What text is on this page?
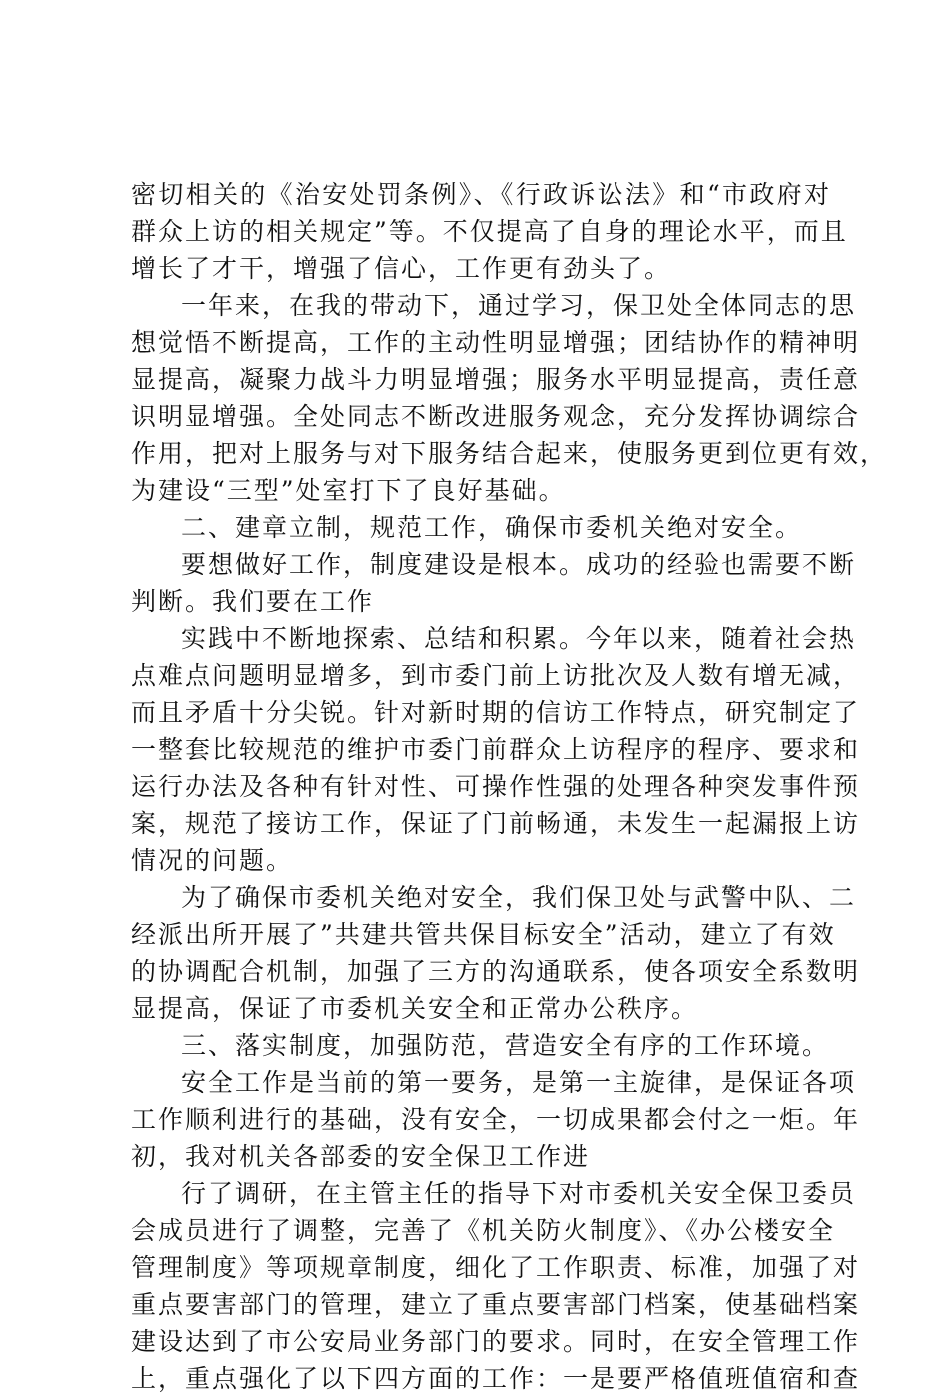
密切相关的《治安处罚条例》、《行政诉讼法》和“市政府对
群众上访的相关规定”等。不仅提高了自身的理论水平，而且
增长了才干，增强了信心，工作更有劲头了。
一年来，在我的带动下，通过学习，保卫处全体同志的思
想觉悟不断提高，工作的主动性明显增强；团结协作的精神明
显提高，凝聚力战斗力明显增强；服务水平明显提高，责任意
识明显增强。全处同志不断改进服务观念，充分发挥协调综合
作用，把对上服务与对下服务结合起来，使服务更到位更有效，
为建设“三型”处室打下了良好基础。
二、建章立制，规范工作，确保市委机关绝对安全。
要想做好工作，制度建设是根本。成功的经验也需要不断
判断。我们要在工作
实践中不断地探索、总结和积累。今年以来，随着社会热
点难点问题明显增多，到市委门前上访批次及人数有增无减，
而且矛盾十分尖锐。针对新时期的信访工作特点，研究制定了
一整套比较规范的维护市委门前群众上访程序的程序、要求和
运行办法及各种有针对性、可操作性强的处理各种突发事件预
案，规范了接访工作，保证了门前畅通，未发生一起漏报上访
情况的问题。
为了确保市委机关绝对安全，我们保卫处与武警中队、二
经派出所开展了”共建共管共保目标安全”活动，建立了有效
的协调配合机制，加强了三方的沟通联系，使各项安全系数明
显提高，保证了市委机关安全和正常办公秩序。
三、落实制度，加强防范，营造安全有序的工作环境。
安全工作是当前的第一要务，是第一主旋律，是保证各项
工作顺利进行的基础，没有安全，一切成果都会付之一炬。年
初，我对机关各部委的安全保卫工作进
行了调研，在主管主任的指导下对市委机关安全保卫委员
会成员进行了调整，完善了《机关防火制度》、《办公楼安全
管理制度》等项规章制度，细化了工作职责、标准，加强了对
重点要害部门的管理，建立了重点要害部门档案，使基础档案
建设达到了市公安局业务部门的要求。同时，在安全管理工作
上，重点强化了以下四方面的工作：一是要严格值班值宿和查
